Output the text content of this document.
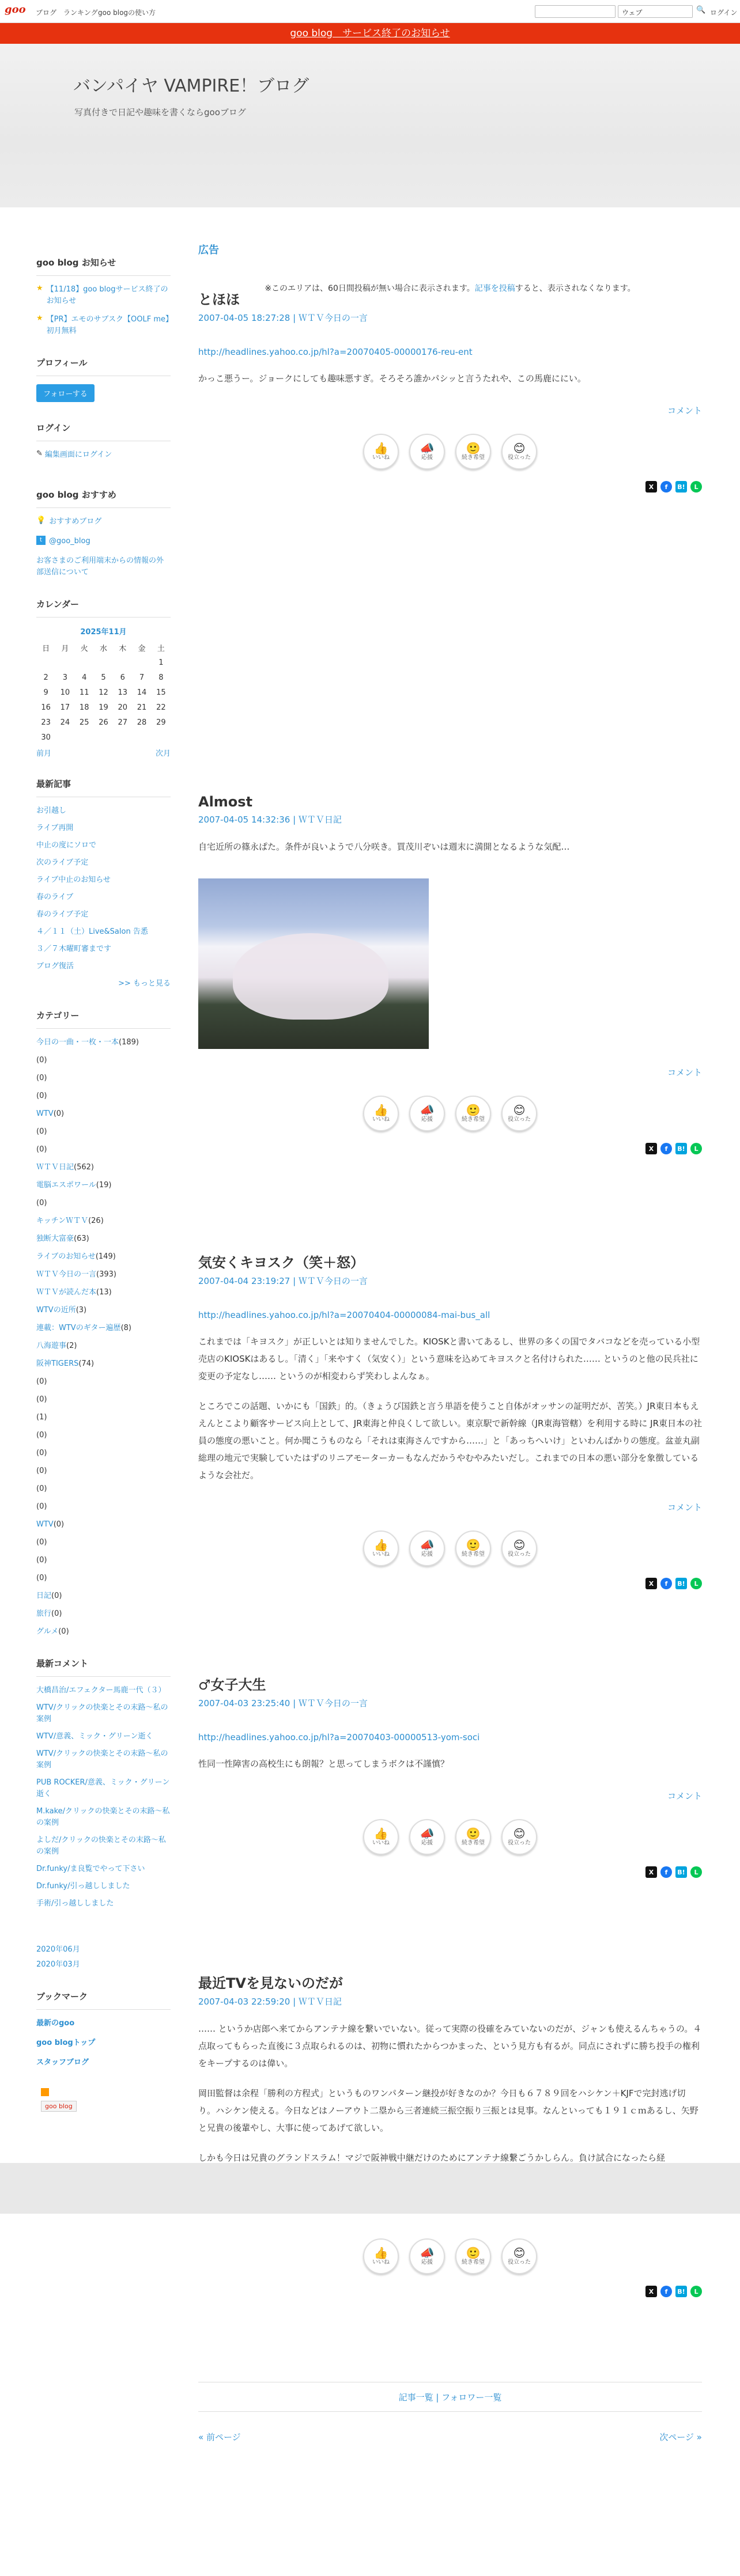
goo ブログ ランキング goo blogの使い方	ウェブ	🔍 ログイン
goo blog　サービス終了のお知らせ
バンパイヤ VAMPIRE！ブログ
写真付きで日記や趣味を書くならgooブログ
goo blog お知らせ
★ 【11/18】goo blogサービス終了のお知らせ
★ 【PR】エモのサブスク【OOLF me】初月無料
プロフィール
フォローする
ログイン
✎ 編集画面にログイン
goo blog おすすめ
💡 おすすめブログ
t @goo_blog
お客さまのご利用端末からの情報の外部送信について
カレンダー
2025年11月
日	月	火	水	木	金	土
						1
2	3	4	5	6	7	8
9	10	11	12	13	14	15
16	17	18	19	20	21	22
23	24	25	26	27	28	29
30						
前月	次月
最新記事
お引越し
ライブ再開
中止の度にソロで
次のライブ予定
ライブ中止のお知らせ
春のライブ
春のライブ予定
４／１１（土）Live&Salon 告悉
３／７木曜町審まです
ブログ復活
>> もっと見る
カテゴリー
今日の一曲・一枚・一本(189)
(0)
(0)
(0)
WTV(0)
(0)
(0)
ＷＴＶ日記(562)
電脳エスポワール(19)
(0)
キッチンＷＴＶ(26)
独断大富豪(63)
ライブのお知らせ(149)
ＷＴＶ今日の一言(393)
ＷＴＶが読んだ本(13)
WTVの近所(3)
連載：WTVのギター遍歴(8)
八海遊事(2)
阪神TIGERS(74)
(0)
(0)
(1)
(0)
(0)
(0)
(0)
(0)
WTV(0)
(0)
(0)
(0)
日記(0)
旅行(0)
グルメ(0)
最新コメント
大橋昌治/エフェクター馬鹿一代（３）
WTV/クリックの快楽とその末路〜私の案例
WTV/意義、ミック・グリーン逝く
WTV/クリックの快楽とその末路〜私の案例
PUB ROCKER/意義、ミック・グリーン逝く
M.kake/クリックの快楽とその末路〜私の案例
よしだ/クリックの快楽とその末路〜私の案例
Dr.funky/ま良覧でやって下さい
Dr.funky/引っ越ししました
手術/引っ越ししました
2020年06月
2020年03月
ブックマーク
最新のgoo
goo blogトップ
スタッフブログ
goo blog
広告
※このエリアは、60日間投稿が無い場合に表示されます。記事を投稿すると、表示されなくなります。
とほほ
2007-04-05 18:27:28 | ＷＴＶ今日の一言
http://headlines.yahoo.co.jp/hl?a=20070405-00000176-reu-ent
かっこ悪うー。ジョークにしても趣味悪すぎ。そろそろ誰かパシッと言うたれや、この馬鹿ににい。
コメント
👍
いいね
📣
応援
🙂
続き希望
😊
役立った
X	f	B!	L
Almost
2007-04-05 14:32:36 | ＷＴＶ日記
自宅近所の篠永ぱた。条件が良いようで八分咲き。買茂川ぞいは週末に満開となるような気配…
コメント
👍
いいね
📣
応援
🙂
続き希望
😊
役立った
X	f	B!	L
気安くキヨスク（笑＋怒）
2007-04-04 23:19:27 | ＷＴＶ今日の一言
http://headlines.yahoo.co.jp/hl?a=20070404-00000084-mai-bus_all
これまでは「キヨスク」が正しいとは知りませんでした。KIOSKと書いてあるし、世界の多くの国でタバコなどを売っている小型売店のKIOSKはあるし。「清く」「来やすく（気安く）」という意味を込めてキヨスクと名付けられた…… というのと他の民兵社に変更の予定なし…… というのが相変わらず笑わしよんなぁ。
ところでこの話題、いかにも「国鉄」的。（きょうび国鉄と言う単語を使うこと自体がオッサンの証明だが、苦笑。）JR東日本もええんとこより顧客サービス向上として、JR東海と仲良くして欲しい。東京駅で新幹線（JR東海管轄）を利用する時に JR東日本の社員の態度の悪いこと。何か聞こうものなら「それは東海さんですから……」と「あっちへいけ」といわんばかりの態度。盆並丸副総理の地元で実験していたはずのリニアモーターカーもなんだかうやむやみたいだし。これまでの日本の悪い部分を象徴しているような会社だ。
コメント
👍
いいね
📣
応援
🙂
続き希望
😊
役立った
X	f	B!	L
♂女子大生
2007-04-03 23:25:40 | ＷＴＶ今日の一言
http://headlines.yahoo.co.jp/hl?a=20070403-00000513-yom-soci
性同一性障害の高校生にも朗報？と思ってしまうボクは不謹慎？
コメント
👍
いいね
📣
応援
🙂
続き希望
😊
役立った
X	f	B!	L
最近TVを見ないのだが
2007-04-03 22:59:20 | ＷＴＶ日記
…… というか店郎へ来てからアンテナ線を繋いでいない。従って実際の役確をみていないのだが、ジャンも使えるんちゃうの。４点取ってもらった直後に３点取られるのは、初物に慣れたからつかまった、という見方も有るが。同点にされずに勝ち投手の権利をキープするのは偉い。
岡田監督は余程「勝利の方程式」というものワンパターン継投が好きなのか？今日も６７８９回をハシケン＋KJFで完封逃げ切り。ハシケン使える。今日などはノーアウト二塁から三者連続三振空振り三振とは見事。なんといっても１９１ｃｍあるし、矢野と兄貴の後輩やし、大事に使ってあげて欲しい。
しかも今日は兄貴のグランドスラム！マジで阪神戦中継だけのためにアンテナ線繋ごうかしらん。負け試合になったら経
👍
いいね
📣
応援
🙂
続き希望
😊
役立った
X	f	B!	L
記事一覧 | フォロワー一覧
« 前ページ	次ページ »
